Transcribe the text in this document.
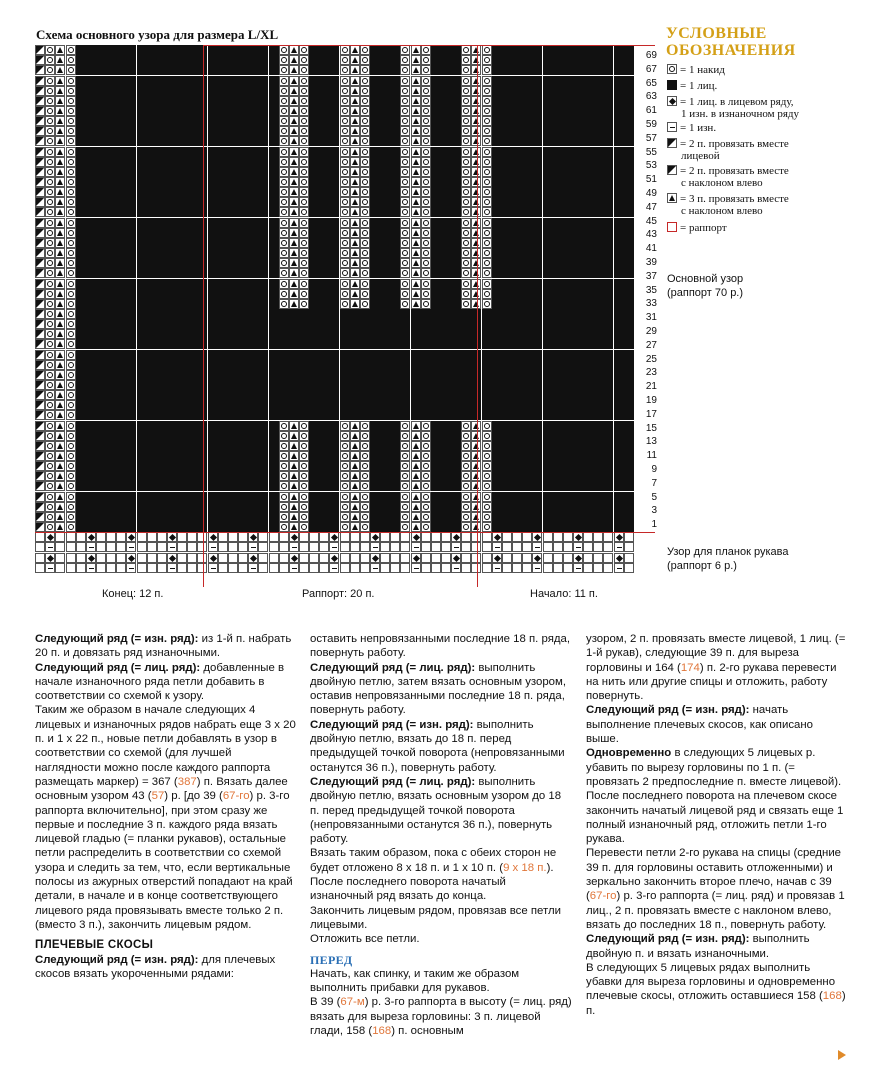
Схема основного узора для размера L/XL
69
67
65
63
61
59
57
55
53
51
49
47
45
43
41
39
37
35
33
31
29
27
25
23
21
19
17
15
13
11
9
7
5
3
1
Конец: 12 п.	Раппорт: 20 п.	Начало: 11 п.
Основной узор
(раппорт 70 р.)
Узор для планок рукава
(раппорт 6 р.)
УСЛОВНЫЕ ОБОЗНАЧЕНИЯ
= 1 накид
= 1 лиц.
= 1 лиц. в лицевом ряду,
1 изн. в изнаночном ряду
= 1 изн.
= 2 п. провязать вместе
лицевой
= 2 п. провязать вместе
с наклоном влево
= 3 п. провязать вместе
с наклоном влево
= раппорт

Следующий ряд (= изн. ряд): из 1-й п. набрать 20 п. и довязать ряд изнаночными.

Следующий ряд (= лиц. ряд): добавленные в начале изнаночного ряда петли добавить в соответствии со схемой к узору.

Таким же образом в начале следующих 4 лицевых и изнаночных рядов набрать еще 3 х 20 п. и 1 х 22 п., новые петли добавлять в узор в соответствии со схемой (для лучшей наглядности можно после каждого раппорта размещать маркер) = 367 (387) п. Вязать далее основным узором 43 (57) р. [до 39 (67-го) р. 3-го раппорта включительно], при этом сразу же первые и последние 3 п. каждого ряда вязать лицевой гладью (= планки рукавов), остальные петли распределить в соответствии со схемой узора и следить за тем, что, если вертикальные полосы из ажурных отверстий попадают на край детали, в начале и в конце соответствующего лицевого ряда провязывать вместе только 2 п. (вместо 3 п.), закончить лицевым рядом.

ПЛЕЧЕВЫЕ СКОСЫ

Следующий ряд (= изн. ряд): для плечевых скосов вязать укороченными рядами:

оставить непровязанными последние 18 п. ряда, повернуть работу.

Следующий ряд (= лиц. ряд): выполнить двойную петлю, затем вязать основным узором, оставив непровязанными последние 18 п. ряда, повернуть работу.

Следующий ряд (= изн. ряд): выполнить двойную петлю, вязать до 18 п. перед предыдущей точкой поворота (непровязанными останутся 36 п.), повернуть работу.

Следующий ряд (= лиц. ряд): выполнить двойную петлю, вязать основным узором до 18 п. перед предыдущей точкой поворота (непровязанными останутся 36 п.), повернуть работу.

Вязать таким образом, пока с обеих сторон не будет отложено 8 х 18 п. и 1 х 10 п. (9 х 18 п.). После последнего поворота начатый изнаночный ряд вязать до конца.

Закончить лицевым рядом, провязав все петли лицевыми.

Отложить все петли.

ПЕРЕД

Начать, как спинку, и таким же образом выполнить прибавки для рукавов.

В 39 (67-м) р. 3-го раппорта в высоту (= лиц. ряд) вязать для выреза горловины: 3 п. лицевой глади, 158 (168) п. основным

узором, 2 п. провязать вместе лицевой, 1 лиц. (= 1-й рукав), следующие 39 п. для выреза горловины и 164 (174) п. 2-го рукава перевести на нить или другие спицы и отложить, работу повернуть.

Следующий ряд (= изн. ряд): начать выполнение плечевых скосов, как описано выше.

Одновременно в следующих 5 лицевых р. убавить по вырезу горловины по 1 п. (= провязать 2 предпоследние п. вместе лицевой).

После последнего поворота на плечевом скосе закончить начатый лицевой ряд и связать еще 1 полный изнаночный ряд, отложить петли 1-го рукава.

Перевести петли 2-го рукава на спицы (средние 39 п. для горловины оставить отложенными) и зеркально закончить второе плечо, начав с 39 (67-го) р. 3-го раппорта (= лиц. ряд) и провязав 1 лиц., 2 п. провязать вместе с наклоном влево, вязать до последних 18 п., повернуть работу.

Следующий ряд (= изн. ряд): выполнить двойную п. и вязать изнаночными.

В следующих 5 лицевых рядах выполнить убавки для выреза горловины и одновременно плечевые скосы, отложить оставшиеся 158 (168) п.
